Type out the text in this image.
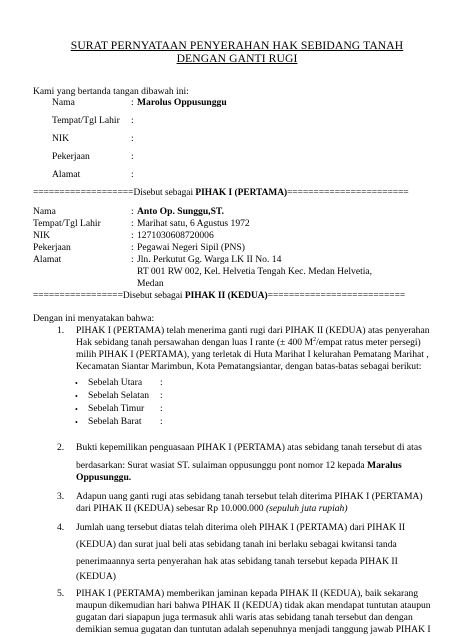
SURAT PERNYATAAN PENYERAHAN HAK SEBIDANG TANAH
DENGAN GANTI RUGI
Kami yang bertanda tangan dibawah ini:
Nama	: Marolus Oppusunggu
Tempat/Tgl Lahir :
NIK	:
Pekerjaan	:
Alamat	:
===================Disebut sebagai PIHAK I (PERTAMA)=======================
Nama	: Anto Op. Sunggu,ST.
Tempat/Tgl Lahir	: Marihat satu, 6 Agustus 1972
NIK	: 1271030608720006
Pekerjaan	: Pegawai Negeri Sipil (PNS)
Alamat	: Jln. Perkutut Gg. Warga LK II No. 14
RT 001 RW 002, Kel. Helvetia Tengah Kec. Medan Helvetia,
Medan
=================Disebut sebagai PIHAK II (KEDUA)==========================
Dengan ini menyatakan bahwa:
1. PIHAK I (PERTAMA) telah menerima ganti rugi dari PIHAK II (KEDUA) atas penyerahan
Hak sebidang tanah persawahan dengan luas I rante (± 400 $M^2$/empat ratus meter persegi)
milih PIHAK I (PERTAMA), yang terletak di Huta Marihat I kelurahan Pematang Marihat ,
Kecamatan Siantar Marimbun, Kota Pematangsiantar, dengan batas-batas sebagai berikut:
• Sebelah Utara :
• Sebelah Selatan :
• Sebelah Timur :
• Sebelah Barat :
2. Bukti kepemilikan penguasaan PIHAK I (PERTAMA) atas sebidang tanah tersebut di atas
berdasarkan: Surat wasiat ST. sulaiman oppusunggu pont nomor 12 kepada Maralus
Oppusunggu.
3. Adapun uang ganti rugi atas sebidang tanah tersebut telah diterima PIHAK I (PERTAMA)
dari PIHAK II (KEDUA) sebesar Rp 10.000.000 (sepuluh juta rupiah)
4. Jumlah uang tersebut diatas telah diterima oleh PIHAK I (PERTAMA) dari PIHAK II
(KEDUA) dan surat jual beli atas sebidang tanah ini berlaku sebagai kwitansi tanda
penerimaannya serta penyerahan hak atas sebidang tanah tersebut kepada PIHAK II
(KEDUA)
5. PIHAK I (PERTAMA) memberikan jaminan kepada PIHAK II (KEDUA), baik sekarang
maupun dikemudian hari bahwa PIHAK II (KEDUA) tidak akan mendapat tuntutan ataupun
gugatan dari siapapun juga termasuk ahli waris atas sebidang tanah tersebut dan dengan
demikian semua gugatan dan tuntutan adalah sepenuhnya menjadi tanggung jawab PIHAK I
